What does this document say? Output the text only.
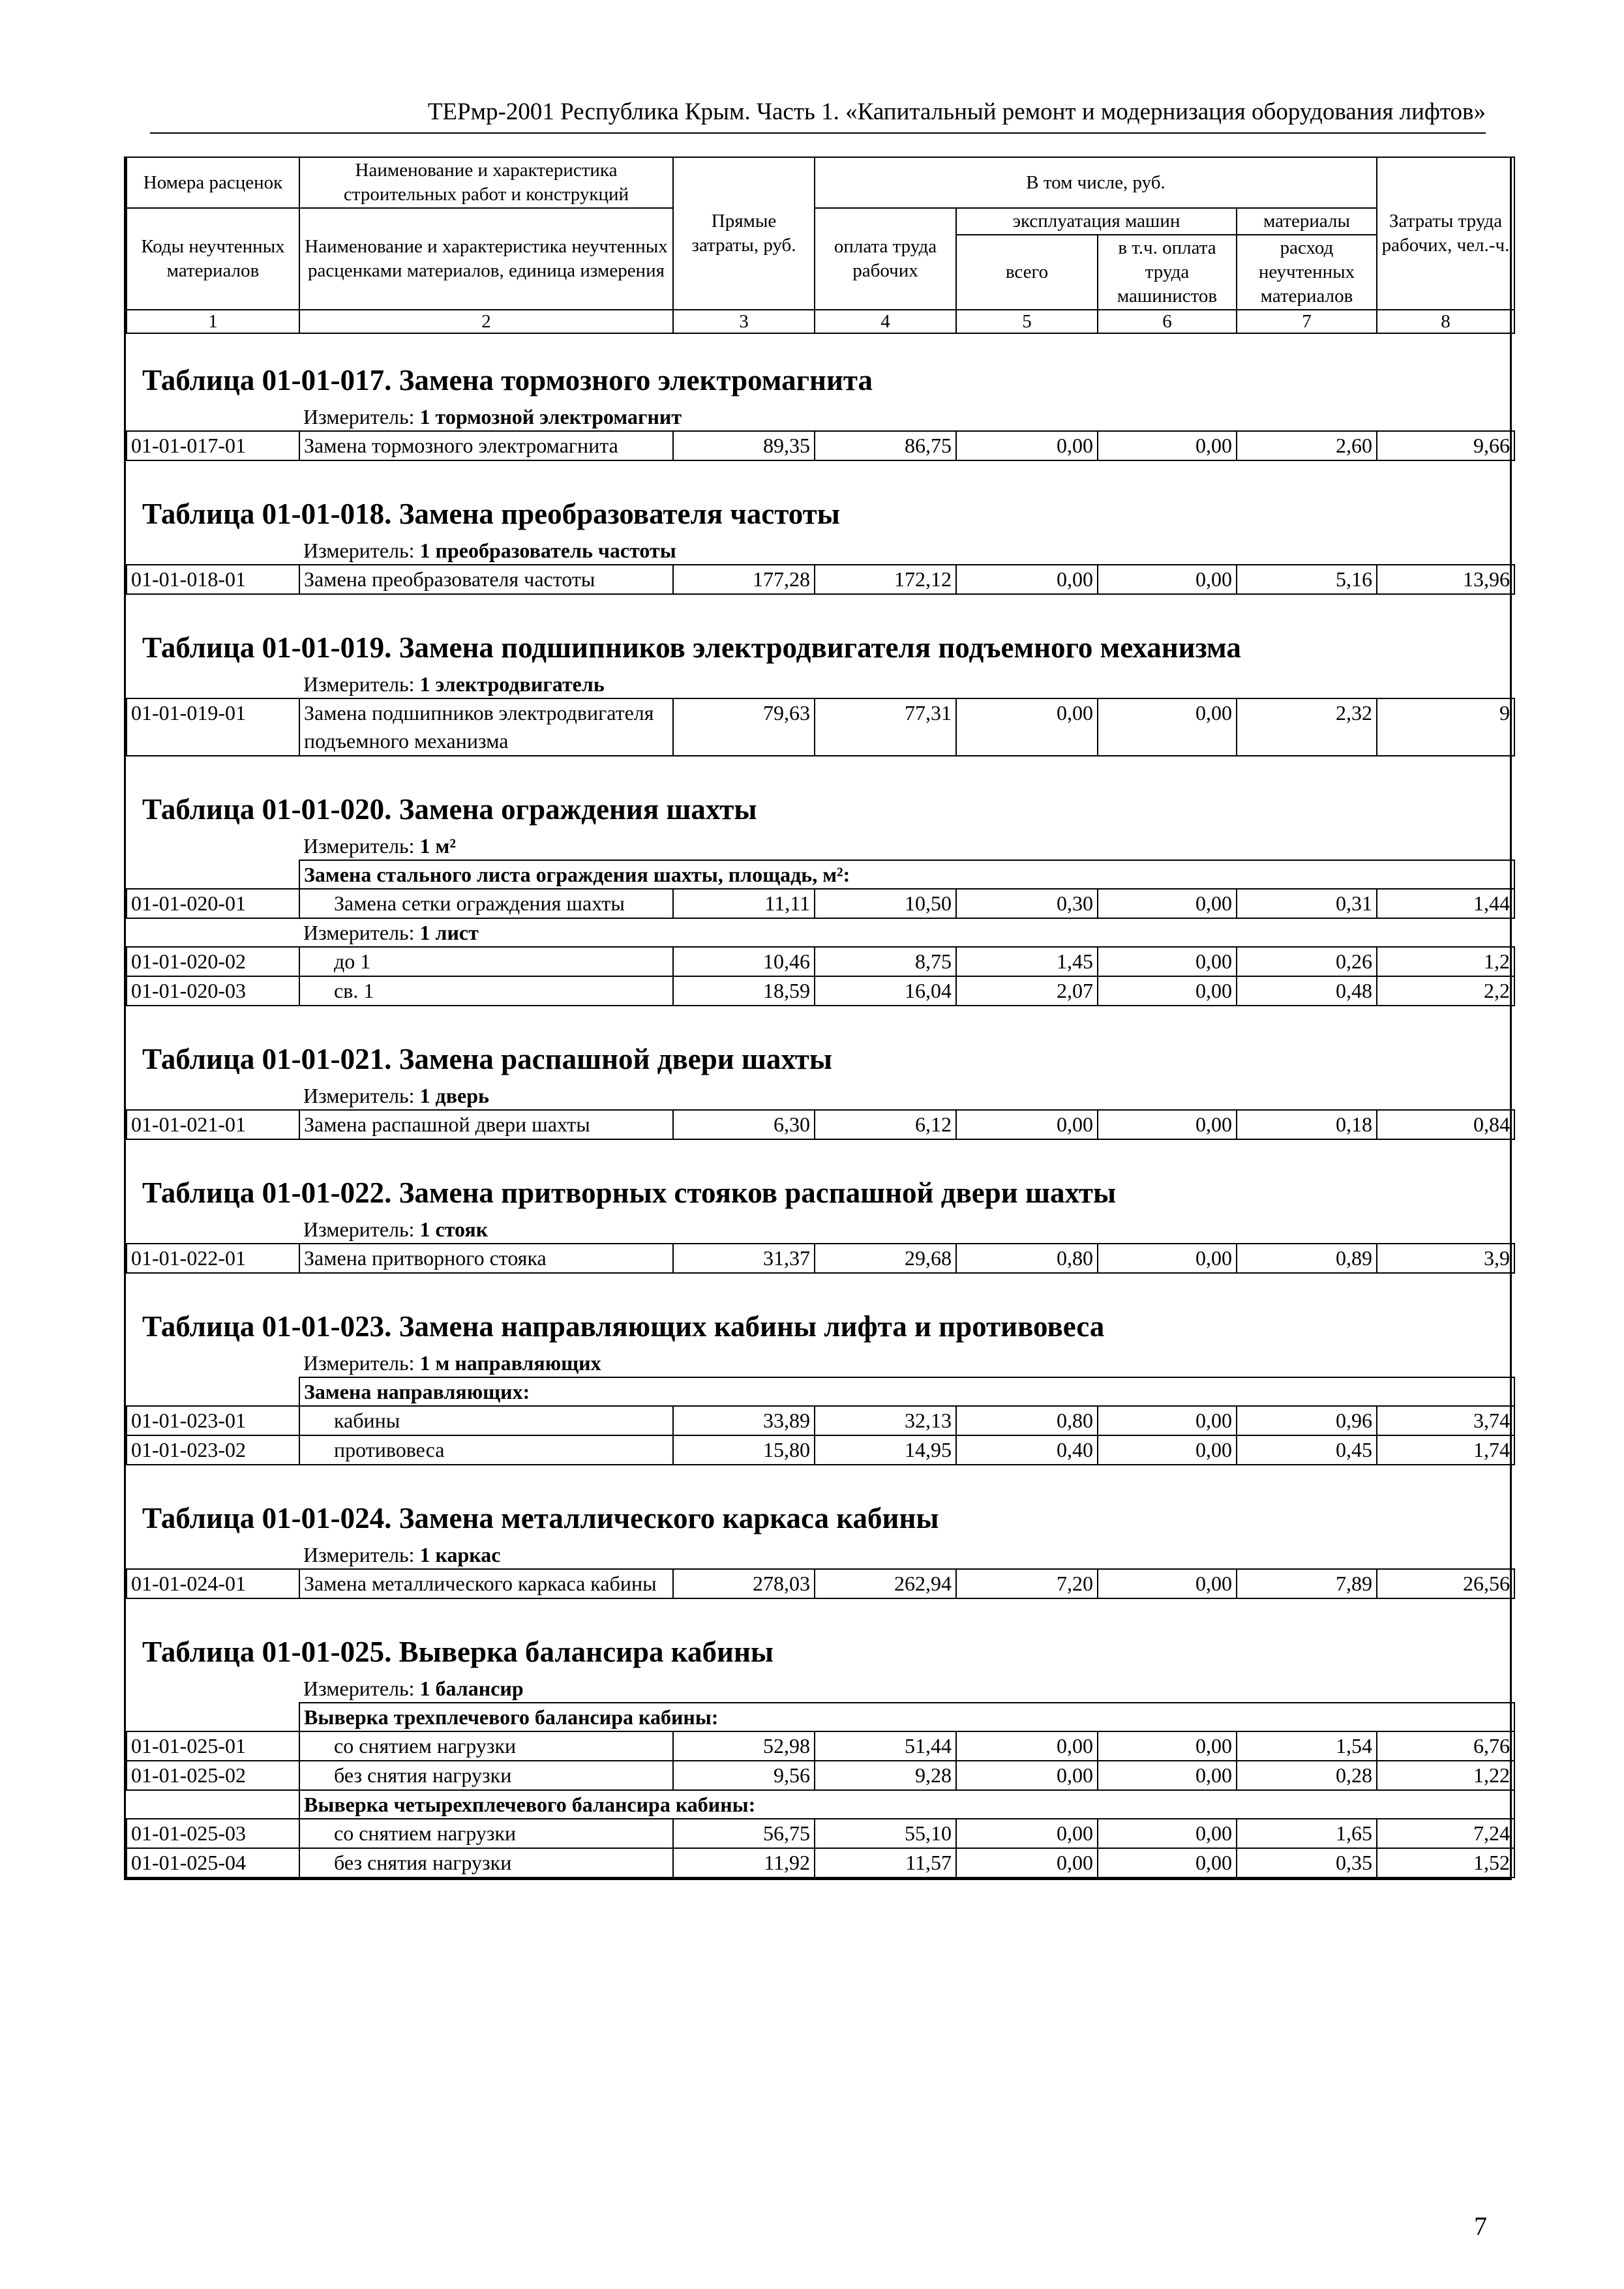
ТЕРмр-2001 Республика Крым. Часть 1. «Капитальный ремонт и модернизация оборудования лифтов»
Номера расценок	Наименование и характеристика строительных работ и конструкций	Прямые затраты, руб.	В том числе, руб.				Затраты труда рабочих, чел.-ч.
Коды неучтенных материалов	Наименование и характеристика неучтенных расценками материалов, единица измерения		оплата труда рабочих	эксплуатация машин		материалы	
				всего	в т.ч. оплата труда машинистов	расход неучтенных материалов	
1	2	3	4	5	6	7	8

Таблица 01-01-017. Замена тормозного электромагнита							
	Измеритель: 1 тормозной электромагнит						
01-01-017-01	Замена тормозного электромагнита	89,35	86,75	0,00	0,00	2,60	9,66

Таблица 01-01-018. Замена преобразователя частоты							
	Измеритель: 1 преобразователь частоты						
01-01-018-01	Замена преобразователя частоты	177,28	172,12	0,00	0,00	5,16	13,96

Таблица 01-01-019. Замена подшипников электродвигателя подъемного механизма							
	Измеритель: 1 электродвигатель						
01-01-019-01	Замена подшипников электродвигателя подъемного механизма	79,63	77,31	0,00	0,00	2,32	9

Таблица 01-01-020. Замена ограждения шахты							
	Измеритель: 1 м²						
	Замена стального листа ограждения шахты, площадь, м²:						
01-01-020-01	Замена сетки ограждения шахты	11,11	10,50	0,30	0,00	0,31	1,44
	Измеритель: 1 лист						
01-01-020-02	до 1	10,46	8,75	1,45	0,00	0,26	1,2
01-01-020-03	св. 1	18,59	16,04	2,07	0,00	0,48	2,2

Таблица 01-01-021. Замена распашной двери шахты							
	Измеритель: 1 дверь						
01-01-021-01	Замена распашной двери шахты	6,30	6,12	0,00	0,00	0,18	0,84

Таблица 01-01-022. Замена притворных стояков распашной двери шахты							
	Измеритель: 1 стояк						
01-01-022-01	Замена притворного стояка	31,37	29,68	0,80	0,00	0,89	3,9

Таблица 01-01-023. Замена направляющих кабины лифта и противовеса							
	Измеритель: 1 м направляющих						
	Замена направляющих:						
01-01-023-01	кабины	33,89	32,13	0,80	0,00	0,96	3,74
01-01-023-02	противовеса	15,80	14,95	0,40	0,00	0,45	1,74

Таблица 01-01-024. Замена металлического каркаса кабины							
	Измеритель: 1 каркас						
01-01-024-01	Замена металлического каркаса кабины	278,03	262,94	7,20	0,00	7,89	26,56

Таблица 01-01-025. Выверка балансира кабины							
	Измеритель: 1 балансир						
	Выверка трехплечевого балансира кабины:						
01-01-025-01	со снятием нагрузки	52,98	51,44	0,00	0,00	1,54	6,76
01-01-025-02	без снятия нагрузки	9,56	9,28	0,00	0,00	0,28	1,22
	Выверка четырехплечевого балансира кабины:						
01-01-025-03	со снятием нагрузки	56,75	55,10	0,00	0,00	1,65	7,24
01-01-025-04	без снятия нагрузки	11,92	11,57	0,00	0,00	0,35	1,52
7
